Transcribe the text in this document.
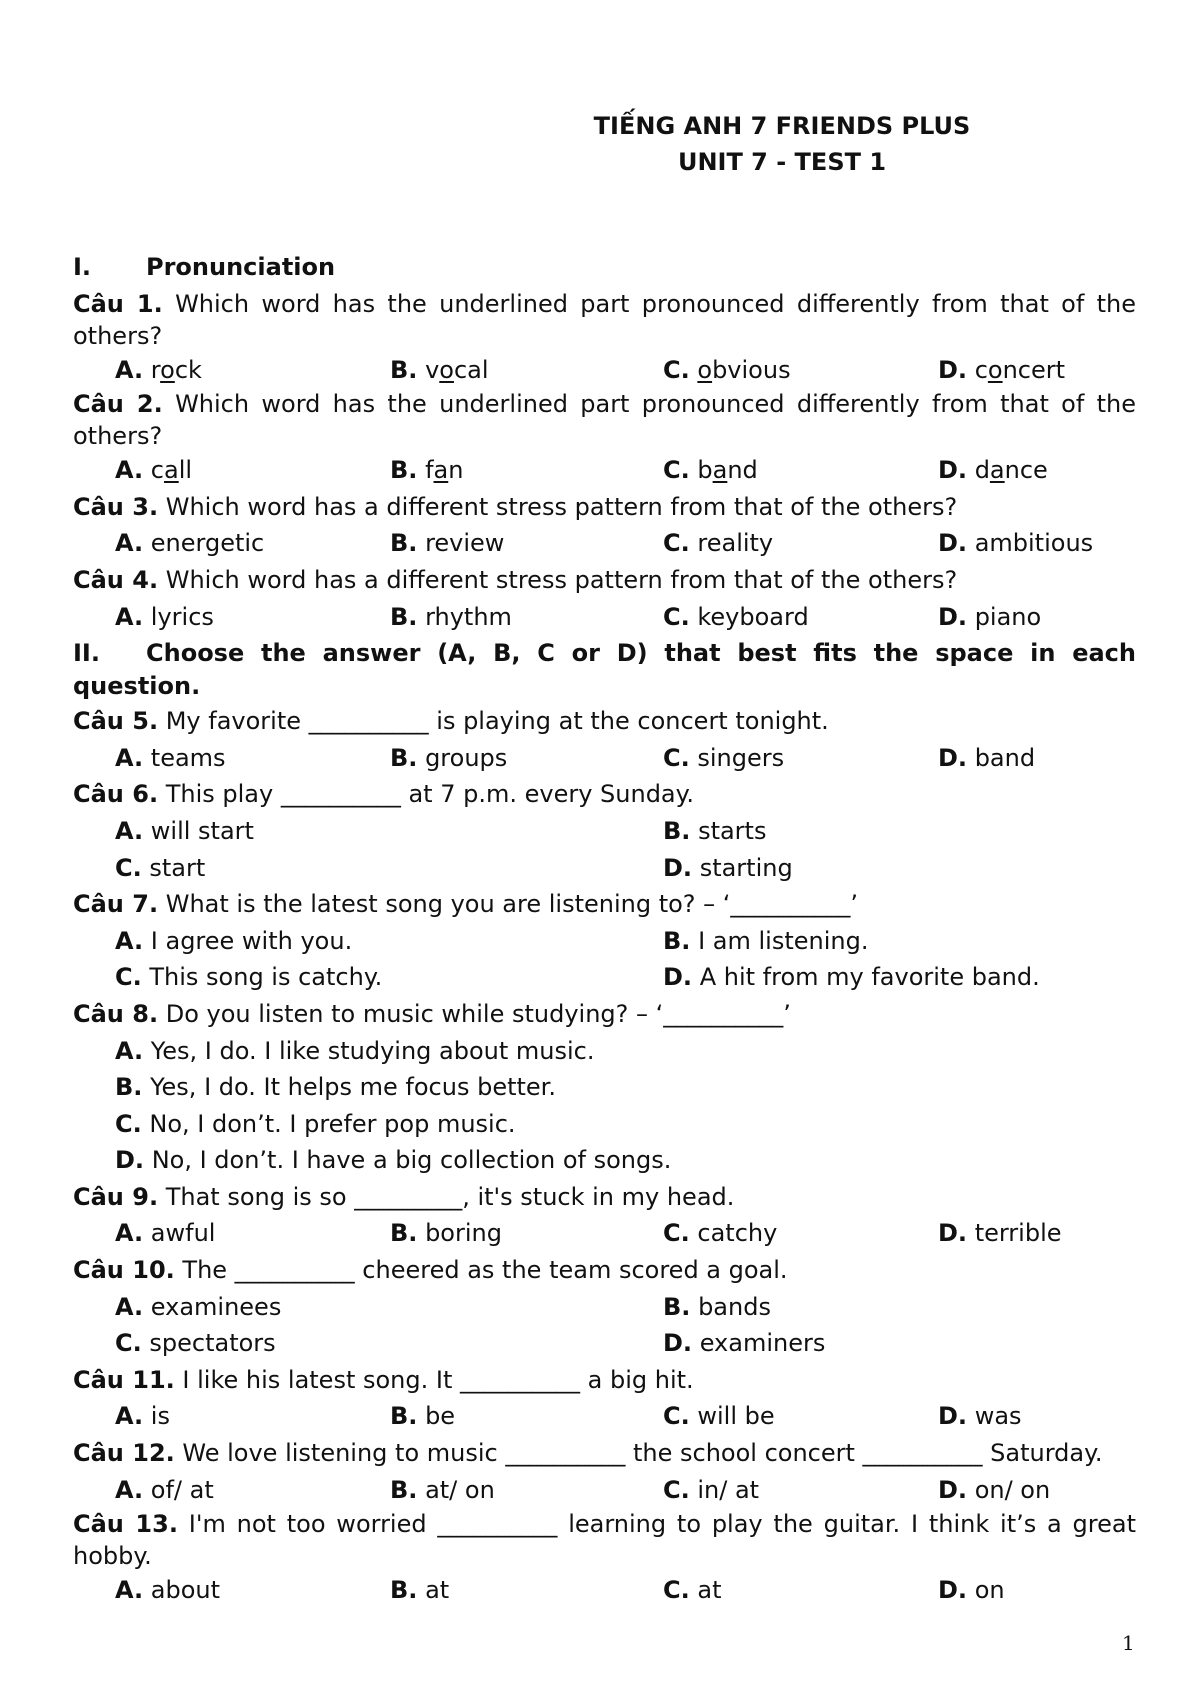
TIẾNG ANH 7 FRIENDS PLUS
UNIT 7 - TEST 1
I. Pronunciation
Câu 1. Which word has the underlined part pronounced differently from that of the others?
A. rock	B. vocal	C. obvious	D. concert
Câu 2. Which word has the underlined part pronounced differently from that of the others?
A. call	B. fan	C. band	D. dance
Câu 3. Which word has a different stress pattern from that of the others?
A. energetic	B. review	C. reality	D. ambitious
Câu 4. Which word has a different stress pattern from that of the others?
A. lyrics	B. rhythm	C. keyboard	D. piano
II. Choose the answer (A, B, C or D) that best fits the space in each question.
Câu 5. My favorite __________ is playing at the concert tonight.
A. teams	B. groups	C. singers	D. band
Câu 6. This play __________ at 7 p.m. every Sunday.
A. will start	B. starts
C. start	D. starting
Câu 7. What is the latest song you are listening to? – ‘__________’
A. I agree with you.	B. I am listening.
C. This song is catchy.	D. A hit from my favorite band.
Câu 8. Do you listen to music while studying? – ‘__________’
A. Yes, I do. I like studying about music.
B. Yes, I do. It helps me focus better.
C. No, I don’t. I prefer pop music.
D. No, I don’t. I have a big collection of songs.
Câu 9. That song is so _________, it's stuck in my head.
A. awful	B. boring	C. catchy	D. terrible
Câu 10. The __________ cheered as the team scored a goal.
A. examinees	B. bands
C. spectators	D. examiners
Câu 11. I like his latest song. It __________ a big hit.
A. is	B. be	C. will be	D. was
Câu 12. We love listening to music __________ the school concert __________ Saturday.
A. of/ at	B. at/ on	C. in/ at	D. on/ on
Câu 13. I'm not too worried __________ learning to play the guitar. I think it’s a great hobby.
A. about	B. at	C. at	D. on
1
